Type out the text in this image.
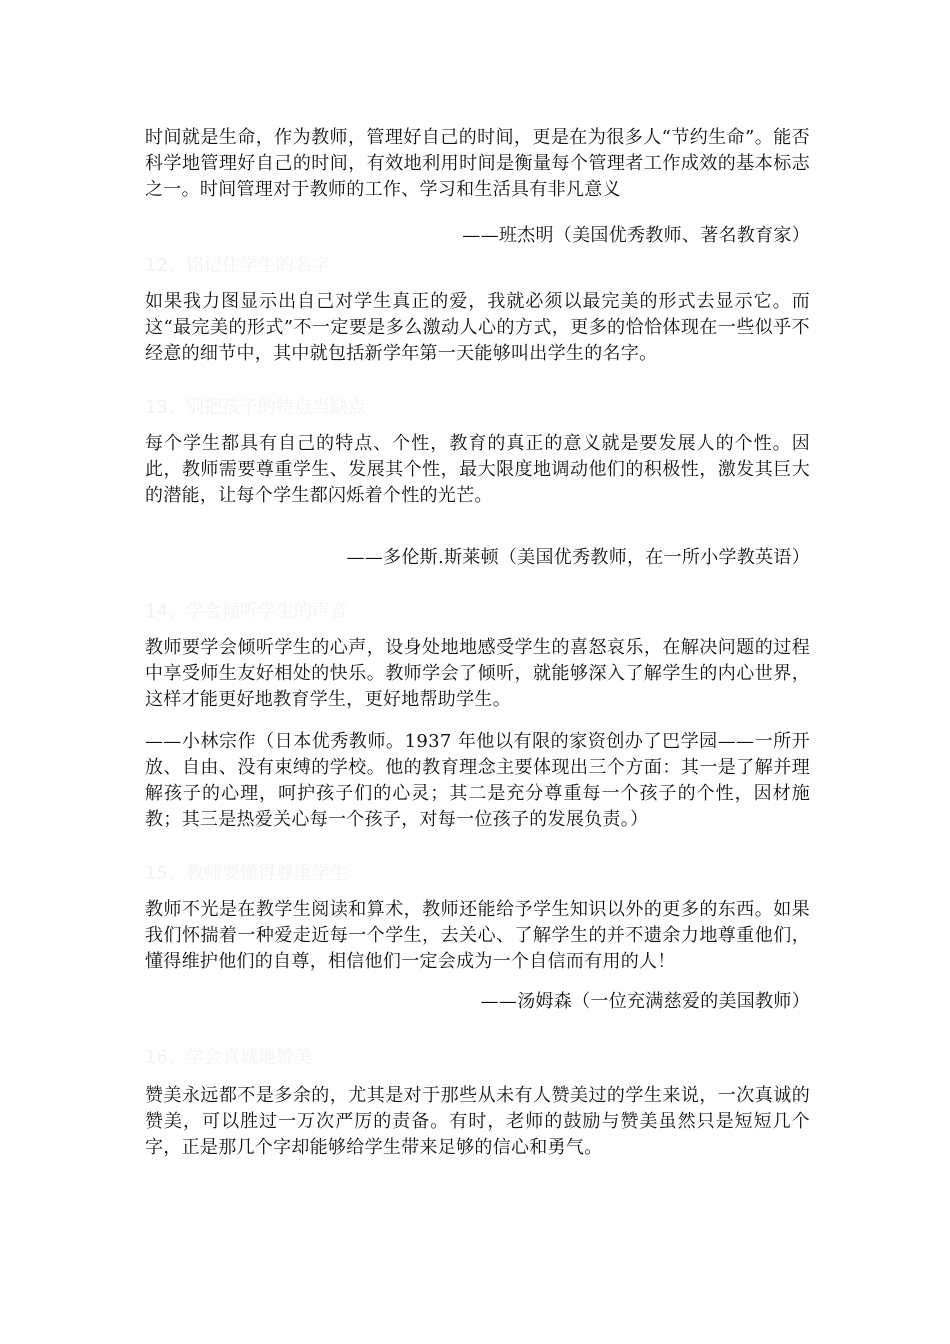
时间就是生命，作为教师，管理好自己的时间，更是在为很多人“节约生命”。能否科学地管理好自己的时间，有效地利用时间是衡量每个管理者工作成效的基本标志之一。时间管理对于教师的工作、学习和生活具有非凡意义

——班杰明（美国优秀教师、著名教育家）

12、铭记住学生的名字

如果我力图显示出自己对学生真正的爱，我就必须以最完美的形式去显示它。而这“最完美的形式”不一定要是多么激动人心的方式，更多的恰恰体现在一些似乎不经意的细节中，其中就包括新学年第一天能够叫出学生的名字。

13、别把孩子的特点当缺点

每个学生都具有自己的特点、个性，教育的真正的意义就是要发展人的个性。因此，教师需要尊重学生、发展其个性，最大限度地调动他们的积极性，激发其巨大的潜能，让每个学生都闪烁着个性的光芒。

——多伦斯.斯莱顿（美国优秀教师，在一所小学教英语）

14、学会倾听学生的声音

教师要学会倾听学生的心声，设身处地地感受学生的喜怒哀乐，在解决问题的过程中享受师生友好相处的快乐。教师学会了倾听，就能够深入了解学生的内心世界，这样才能更好地教育学生，更好地帮助学生。

——小林宗作（日本优秀教师。1937 年他以有限的家资创办了巴学园——一所开放、自由、没有束缚的学校。他的教育理念主要体现出三个方面：其一是了解并理解孩子的心理，呵护孩子们的心灵；其二是充分尊重每一个孩子的个性，因材施教；其三是热爱关心每一个孩子，对每一位孩子的发展负责。）

15、教师要懂得尊重学生

教师不光是在教学生阅读和算术，教师还能给予学生知识以外的更多的东西。如果我们怀揣着一种爱走近每一个学生，去关心、了解学生的并不遗余力地尊重他们，懂得维护他们的自尊，相信他们一定会成为一个自信而有用的人！

——汤姆森（一位充满慈爱的美国教师）

16、学会真诚地赞美

赞美永远都不是多余的，尤其是对于那些从未有人赞美过的学生来说，一次真诚的赞美，可以胜过一万次严厉的责备。有时，老师的鼓励与赞美虽然只是短短几个字，正是那几个字却能够给学生带来足够的信心和勇气。
